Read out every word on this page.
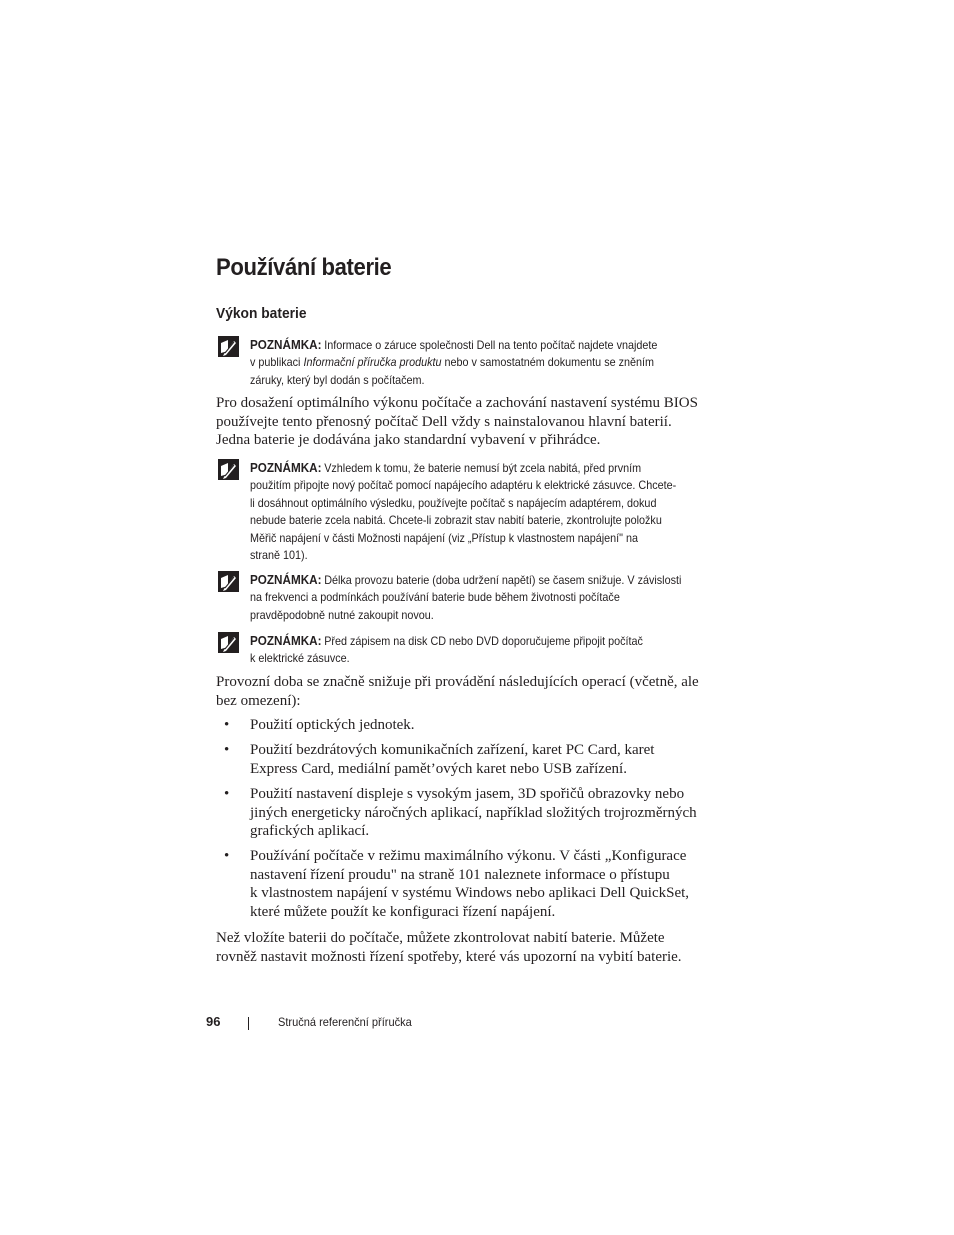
Používání baterie
Výkon baterie
POZNÁMKA: Informace o záruce společnosti Dell na tento počítač najdete vnajdete
v publikaci Informační příručka produktu nebo v samostatném dokumentu se zněním
záruky, který byl dodán s počítačem.

Pro dosažení optimálního výkonu počítače a zachování nastavení systému BIOS
používejte tento přenosný počítač Dell vždy s nainstalovanou hlavní baterií.
Jedna baterie je dodávána jako standardní vybavení v přihrádce.

POZNÁMKA: Vzhledem k tomu, že baterie nemusí být zcela nabitá, před prvním
použitím připojte nový počítač pomocí napájecího adaptéru k elektrické zásuvce. Chcete-
li dosáhnout optimálního výsledku, používejte počítač s napájecím adaptérem, dokud
nebude baterie zcela nabitá. Chcete-li zobrazit stav nabití baterie, zkontrolujte položku
Měřič napájení v části Možnosti napájení (viz „Přístup k vlastnostem napájení" na
straně 101).
POZNÁMKA: Délka provozu baterie (doba udržení napětí) se časem snižuje. V závislosti
na frekvenci a podmínkách používání baterie bude během životnosti počítače
pravděpodobně nutné zakoupit novou.
POZNÁMKA: Před zápisem na disk CD nebo DVD doporučujeme připojit počítač
k elektrické zásuvce.

Provozní doba se značně snižuje při provádění následujících operací (včetně, ale
bez omezení):

• Použití optických jednotek.
• Použití bezdrátových komunikačních zařízení, karet PC Card, karet
Express Card, mediální pamět’ových karet nebo USB zařízení.
• Použití nastavení displeje s vysokým jasem, 3D spořičů obrazovky nebo
jiných energeticky náročných aplikací, například složitých trojrozměrných
grafických aplikací.
• Používání počítače v režimu maximálního výkonu. V části „Konfigurace
nastavení řízení proudu" na straně 101 naleznete informace o přístupu
k vlastnostem napájení v systému Windows nebo aplikaci Dell QuickSet,
které můžete použít ke konfiguraci řízení napájení.

Než vložíte baterii do počítače, můžete zkontrolovat nabití baterie. Můžete
rovněž nastavit možnosti řízení spotřeby, které vás upozorní na vybití baterie.

96	Stručná referenční příručka
